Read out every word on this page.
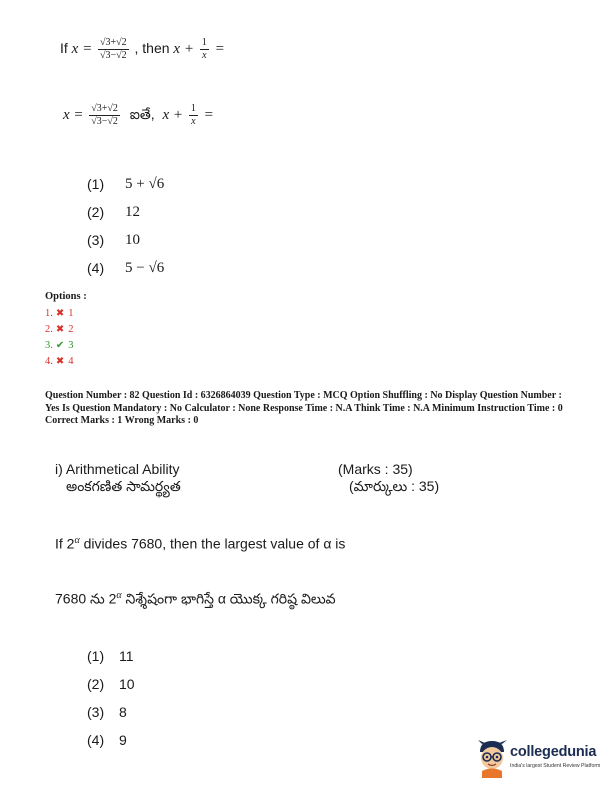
If $x = \frac{√3+√2}{√3-√2}$ , then $x + \frac{1}{x}$ =
$x = \frac{√3+√2}{√3-√2}$ ఐతే, $x + \frac{1}{x}$ =
(1)	5 + √6
(2)	12
(3)	10
(4)	5 − √6
Options :
1. ✖ 1
2. ✖ 2
3. ✔ 3
4. ✖ 4
Question Number : 82 Question Id : 6326864039 Question Type : MCQ Option Shuffling : No Display Question Number : Yes Is Question Mandatory : No Calculator : None Response Time : N.A Think Time : N.A Minimum Instruction Time : 0
Correct Marks : 1 Wrong Marks : 0
i) Arithmetical Ability	(Marks : 35)
అంకగణిత సామర్థ్యత	(మార్కులు : 35)
If $2^\alpha$ divides 7680, then the largest value of α is
7680 ను $2^\alpha$ నిశ్శేషంగా భాగిస్తే α యొక్క గరిష్ఠ విలువ
(1)	11
(2)	10
(3)	8
(4)	9
collegedunia
India's largest Student Review Platform
